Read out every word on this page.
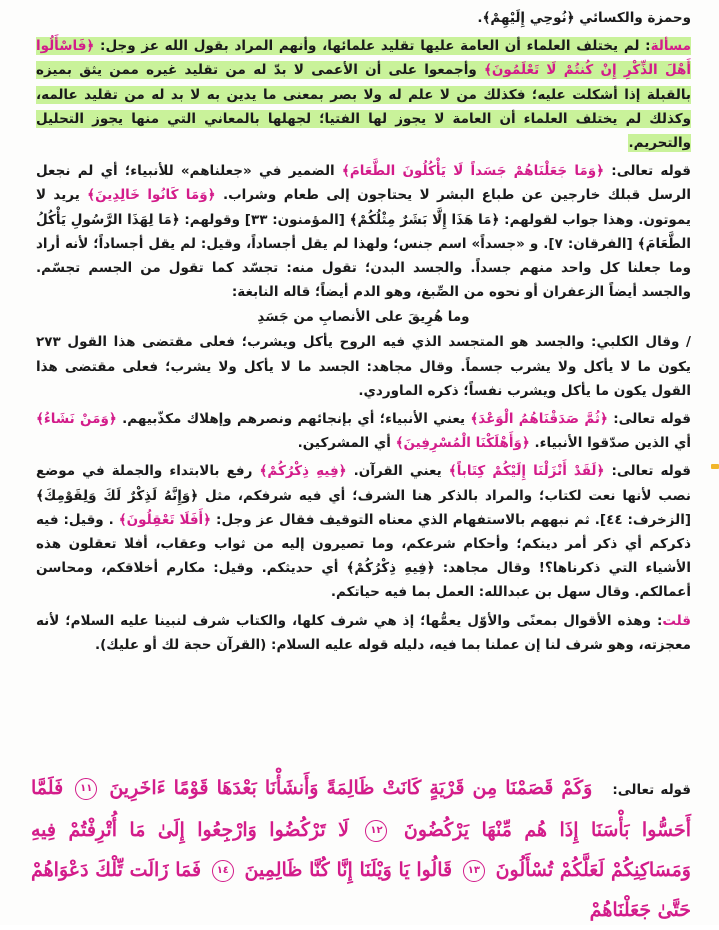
وحمزة والكسائي ﴿نُوحِي إِلَيْهِمْ﴾.

مسألة: لم يختلف العلماء أن العامة عليها تقليد علمائها، وأنهم المراد بقول الله عز وجل: ﴿فَاسْأَلُوا أَهْلَ الذِّكْرِ إِنْ كُنتُمْ لَا تَعْلَمُونَ﴾ وأجمعوا على أن الأعمى لا بدّ له من تقليد غيره ممن يثق بميزه بالقبلة إذا أشكلت عليه؛ فكذلك من لا علم له ولا بصر بمعنى ما يدين به لا بد له من تقليد عالمه، وكذلك لم يختلف العلماء أن العامة لا يجوز لها الفتيا؛ لجهلها بالمعاني التي منها يجوز التحليل والتحريم.

قوله تعالى: ﴿وَمَا جَعَلْنَاهُمْ جَسَداً لَا يَأْكُلُونَ الطَّعَامَ﴾ الضمير في «جعلناهم» للأنبياء؛ أي لم نجعل الرسل قبلك خارجين عن طباع البشر لا يحتاجون إلى طعام وشراب. ﴿وَمَا كَانُوا خَالِدِينَ﴾ يريد لا يموتون. وهذا جواب لقولهم: ﴿مَا هَذَا إِلَّا بَشَرٌ مِثْلُكُمْ﴾ [المؤمنون: ٣٣] وقولهم: ﴿مَا لِهَذَا الرَّسُولِ يَأْكُلُ الطَّعَامَ﴾ [الفرقان: ٧]. و «جسداً» اسم جنس؛ ولهذا لم يقل أجساداً، وقيل: لم يقل أجساداً؛ لأنه أراد وما جعلنا كل واحد منهم جسداً. والجسد البدن؛ تقول منه: تجسّد كما تقول من الجسم تجسّم. والجسد أيضاً الزعفران أو نحوه من الصِّبغ، وهو الدم أيضاً؛ قاله النابغة:

وما هُرِيقَ على الأنصابِ من جَسَدِ

/ وقال الكلبي: والجسد هو المتجسد الذي فيه الروح يأكل ويشرب؛ فعلى مقتضى هذا القول ٢٧٣ يكون ما لا يأكل ولا يشرب جسماً. وقال مجاهد: الجسد ما لا يأكل ولا يشرب؛ فعلى مقتضى هذا القول يكون ما يأكل ويشرب نفساً؛ ذكره الماوردي.

قوله تعالى: ﴿ثُمَّ صَدَقْنَاهُمُ الْوَعْدَ﴾ يعني الأنبياء؛ أي بإنجائهم ونصرهم وإهلاك مكذّبيهم. ﴿وَمَنْ نَشَاءُ﴾ أي الذين صدّقوا الأنبياء. ﴿وَأَهْلَكْنَا الْمُسْرِفِينَ﴾ أي المشركين.

قوله تعالى: ﴿لَقَدْ أَنْزَلْنَا إِلَيْكُمْ كِتَاباً﴾ يعني القرآن. ﴿فِيهِ ذِكْرُكُمْ﴾ رفع بالابتداء والجملة في موضع نصب لأنها نعت لكتاب؛ والمراد بالذكر هنا الشرف؛ أي فيه شرفكم، مثل ﴿وَإِنَّهُ لَذِكْرٌ لَكَ وَلِقَوْمِكَ﴾ [الزخرف: ٤٤]. ثم نبههم بالاستفهام الذي معناه التوقيف فقال عز وجل: ﴿أَفَلَا تَعْقِلُونَ﴾ . وقيل: فيه ذكركم أي ذكر أمر دينكم؛ وأحكام شرعكم، وما تصيرون إليه من ثواب وعقاب، أفلا تعقلون هذه الأشياء التي ذكرناها؟! وقال مجاهد: ﴿فِيهِ ذِكْرُكُمْ﴾ أي حديثكم. وقيل: مكارم أخلاقكم، ومحاسن أعمالكم. وقال سهل بن عبدالله: العمل بما فيه حياتكم.

قلت: وهذه الأقوال بمعنًى والأوّل يعمُّها؛ إذ هي شرف كلها، والكتاب شرف لنبينا عليه السلام؛ لأنه معجزته، وهو شرف لنا إن عملنا بما فيه، دليله قوله عليه السلام: (القرآن حجة لك أو عليك).

قوله تعالى: وَكَمْ قَصَمْنَا مِن قَرْيَةٍ كَانَتْ ظَالِمَةً وَأَنشَأْنَا بَعْدَهَا قَوْمًا ءَاخَرِينَ ١١ فَلَمَّا أَحَسُّوا بَأْسَنَا إِذَا هُم مِّنْهَا يَرْكُضُونَ ١٢ لَا تَرْكُضُوا وَارْجِعُوا إِلَىٰ مَا أُتْرِفْتُمْ فِيهِ وَمَسَاكِنِكُمْ لَعَلَّكُمْ تُسْأَلُونَ ١٣ قَالُوا يَا وَيْلَنَا إِنَّا كُنَّا ظَالِمِينَ ١٤ فَمَا زَالَت تِّلْكَ دَعْوَاهُمْ حَتَّىٰ جَعَلْنَاهُمْ
